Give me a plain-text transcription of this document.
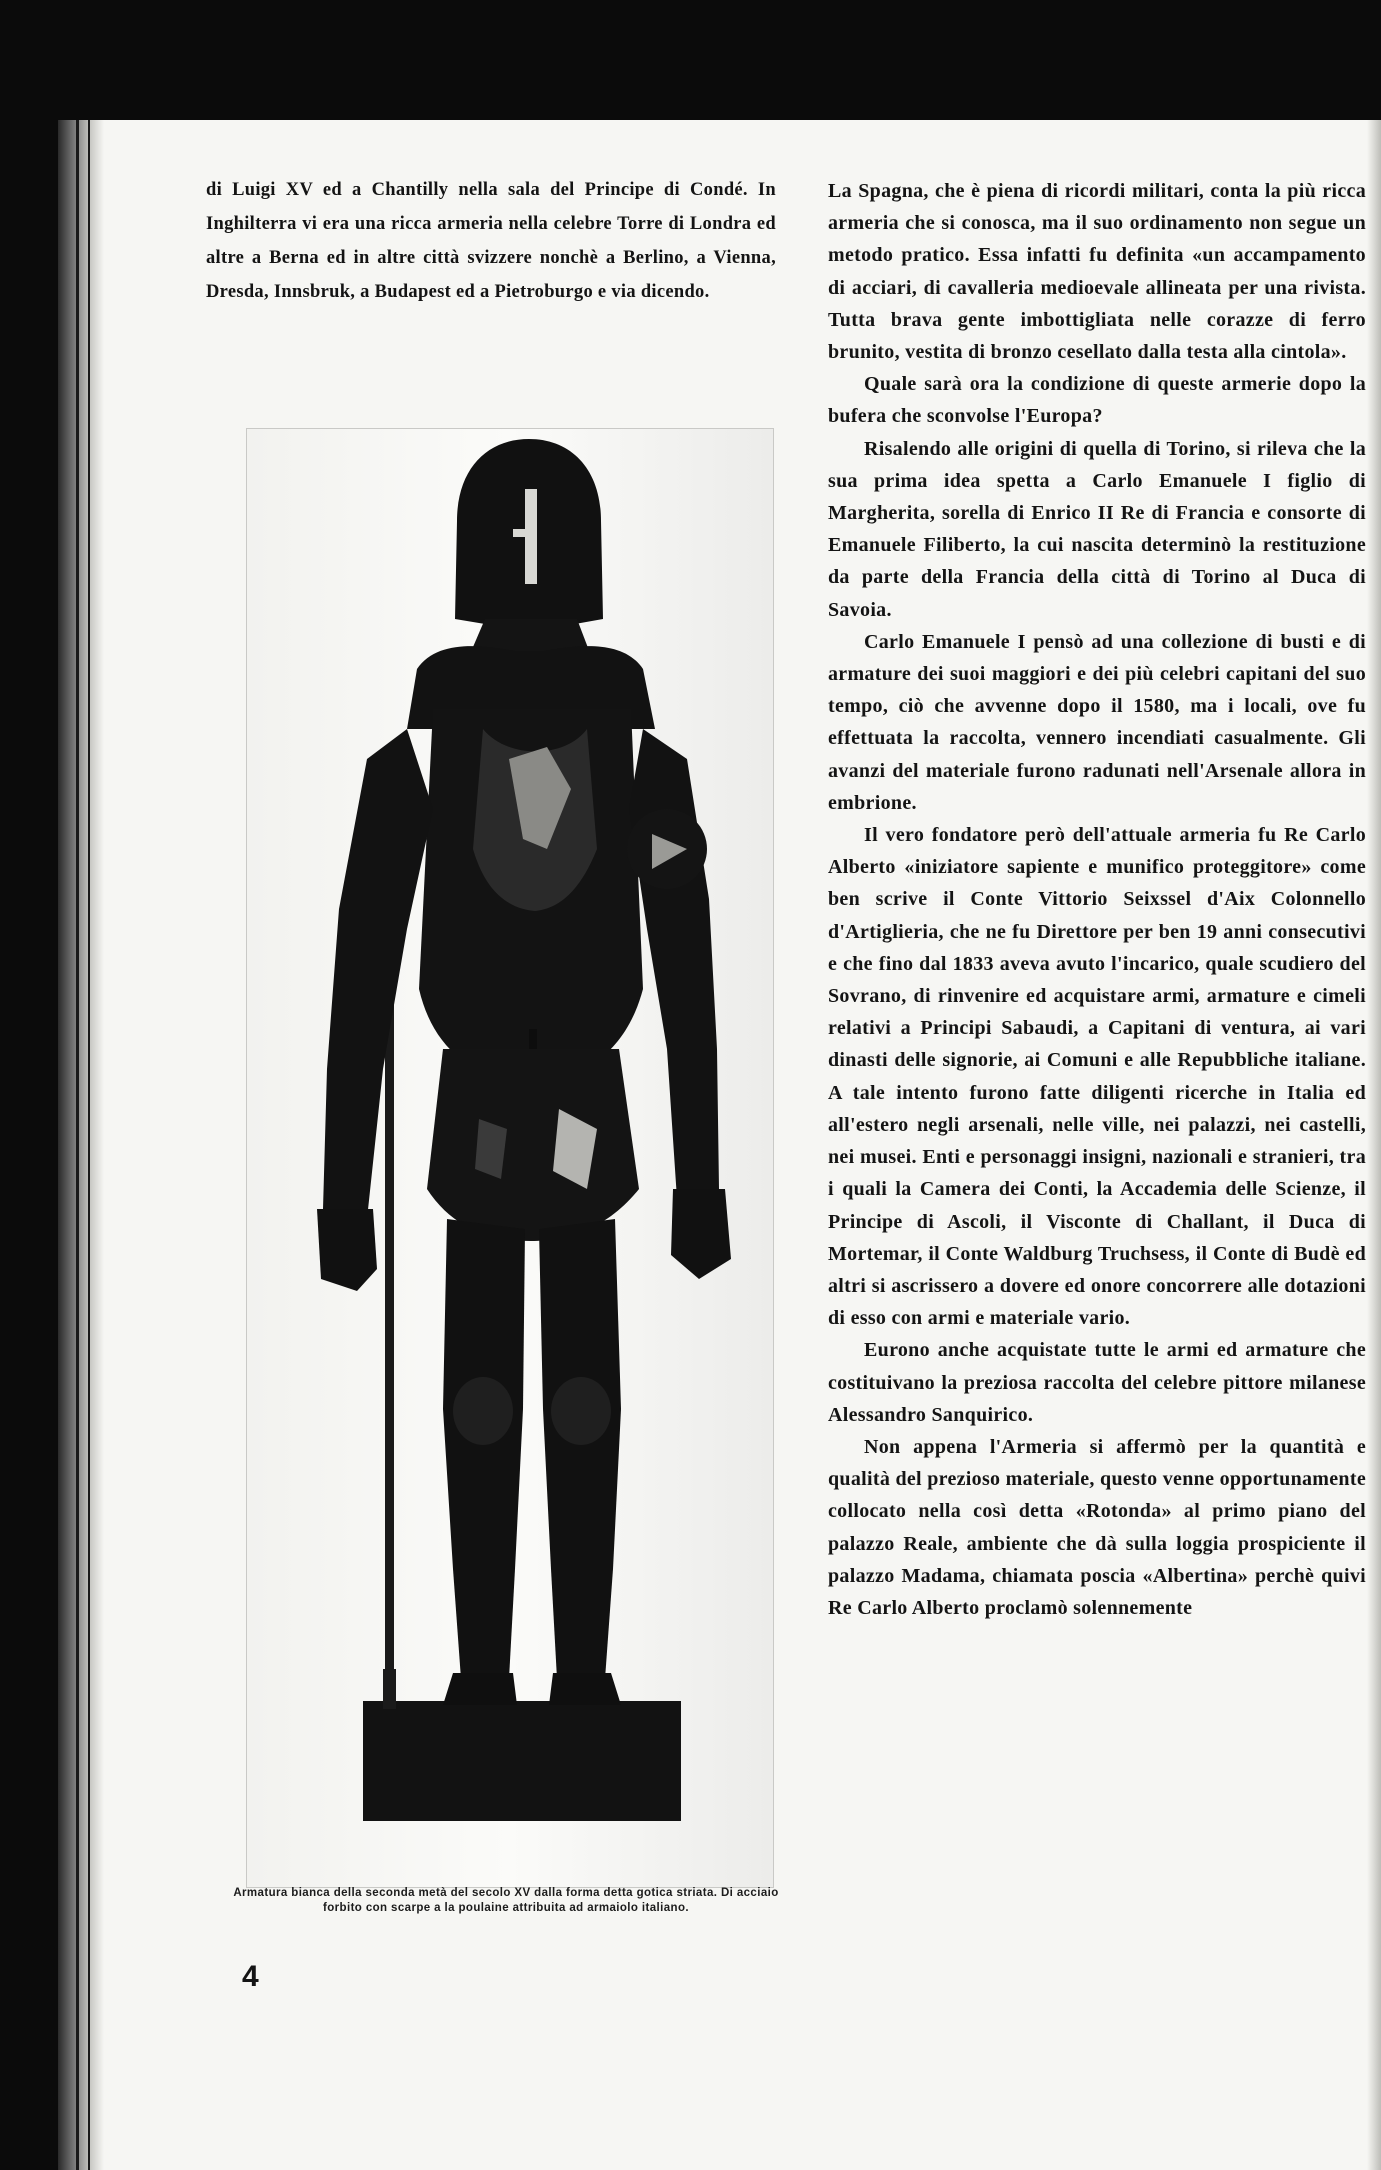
di Luigi XV ed a Chantilly nella sala del Principe di Condé. In Inghilterra vi era una ricca armeria nella celebre Torre di Londra ed altre a Berna ed in altre città svizzere nonchè a Berlino, a Vienna, Dresda, Innsbruk, a Budapest ed a Pietroburgo e via dicendo.

Armatura bianca della seconda metà del secolo XV dalla forma detta gotica striata. Di acciaio forbito con scarpe a la poulaine attribuita ad armaiolo italiano.
4

La Spagna, che è piena di ricordi militari, conta la più ricca armeria che si conosca, ma il suo ordinamento non segue un metodo pratico. Essa infatti fu definita «un accampamento di acciari, di cavalleria medioevale allineata per una rivista. Tutta brava gente imbottigliata nelle corazze di ferro brunito, vestita di bronzo cesellato dalla testa alla cintola».

Quale sarà ora la condizione di queste armerie dopo la bufera che sconvolse l'Europa?

Risalendo alle origini di quella di Torino, si rileva che la sua prima idea spetta a Carlo Emanuele I figlio di Margherita, sorella di Enrico II Re di Francia e consorte di Emanuele Filiberto, la cui nascita determinò la restituzione da parte della Francia della città di Torino al Duca di Savoia.

Carlo Emanuele I pensò ad una collezione di busti e di armature dei suoi maggiori e dei più celebri capitani del suo tempo, ciò che avvenne dopo il 1580, ma i locali, ove fu effettuata la raccolta, vennero incendiati casualmente. Gli avanzi del materiale furono radunati nell'Arsenale allora in embrione.

Il vero fondatore però dell'attuale armeria fu Re Carlo Alberto «iniziatore sapiente e munifico proteggitore» come ben scrive il Conte Vittorio Seixssel d'Aix Colonnello d'Artiglieria, che ne fu Direttore per ben 19 anni consecutivi e che fino dal 1833 aveva avuto l'incarico, quale scudiero del Sovrano, di rinvenire ed acquistare armi, armature e cimeli relativi a Principi Sabaudi, a Capitani di ventura, ai vari dinasti delle signorie, ai Comuni e alle Repubbliche italiane. A tale intento furono fatte diligenti ricerche in Italia ed all'estero negli arsenali, nelle ville, nei palazzi, nei castelli, nei musei. Enti e personaggi insigni, nazionali e stranieri, tra i quali la Camera dei Conti, la Accademia delle Scienze, il Principe di Ascoli, il Visconte di Challant, il Duca di Mortemar, il Conte Waldburg Truchsess, il Conte di Budè ed altri si ascrissero a dovere ed onore concorrere alle dotazioni di esso con armi e materiale vario.

Eurono anche acquistate tutte le armi ed armature che costituivano la preziosa raccolta del celebre pittore milanese Alessandro Sanquirico.

Non appena l'Armeria si affermò per la quantità e qualità del prezioso materiale, questo venne opportunamente collocato nella così detta «Rotonda» al primo piano del palazzo Reale, ambiente che dà sulla loggia prospiciente il palazzo Madama, chiamata poscia «Albertina» perchè quivi Re Carlo Alberto proclamò solennemente
